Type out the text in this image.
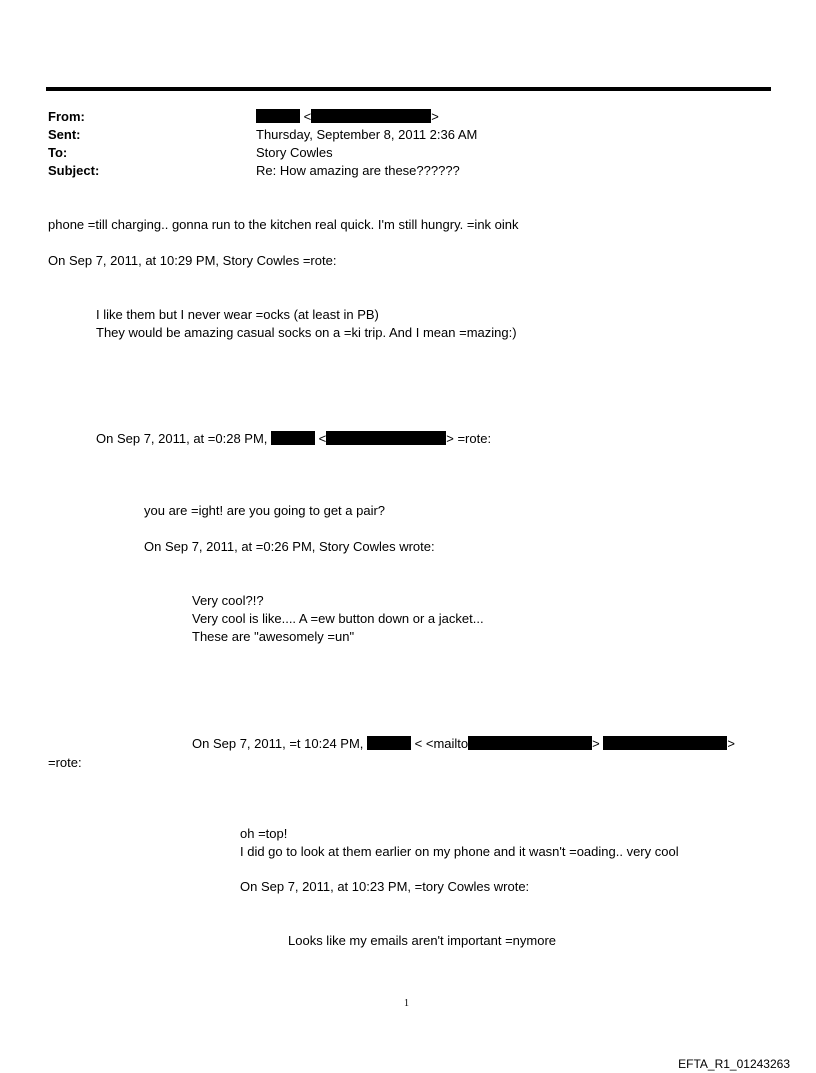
From:	<	>
Sent:	Thursday, September 8, 2011 2:36 AM
To:	Story Cowles
Subject:	Re: How amazing are these??????
phone =till charging.. gonna run to the kitchen real quick. I'm still hungry. =ink oink
On Sep 7, 2011, at 10:29 PM, Story Cowles =rote:
I like them but I never wear =ocks (at least in PB)
They would be amazing casual socks on a =ki trip. And I mean =mazing:)
On Sep 7, 2011, at =0:28 PM,	<	> =rote:
you are =ight! are you going to get a pair?
On Sep 7, 2011, at =0:26 PM, Story Cowles wrote:
Very cool?!?
Very cool is like.... A =ew button down or a jacket...
These are "awesomely =un"
On Sep 7, 2011, =t 10:24 PM,	< <mailto	>	>
=rote:
oh =top!
I did go to look at them earlier on my phone and it wasn't =oading.. very cool
On Sep 7, 2011, at 10:23 PM, =tory Cowles wrote:
Looks like my emails aren't important =nymore
1
EFTA_R1_01243263
